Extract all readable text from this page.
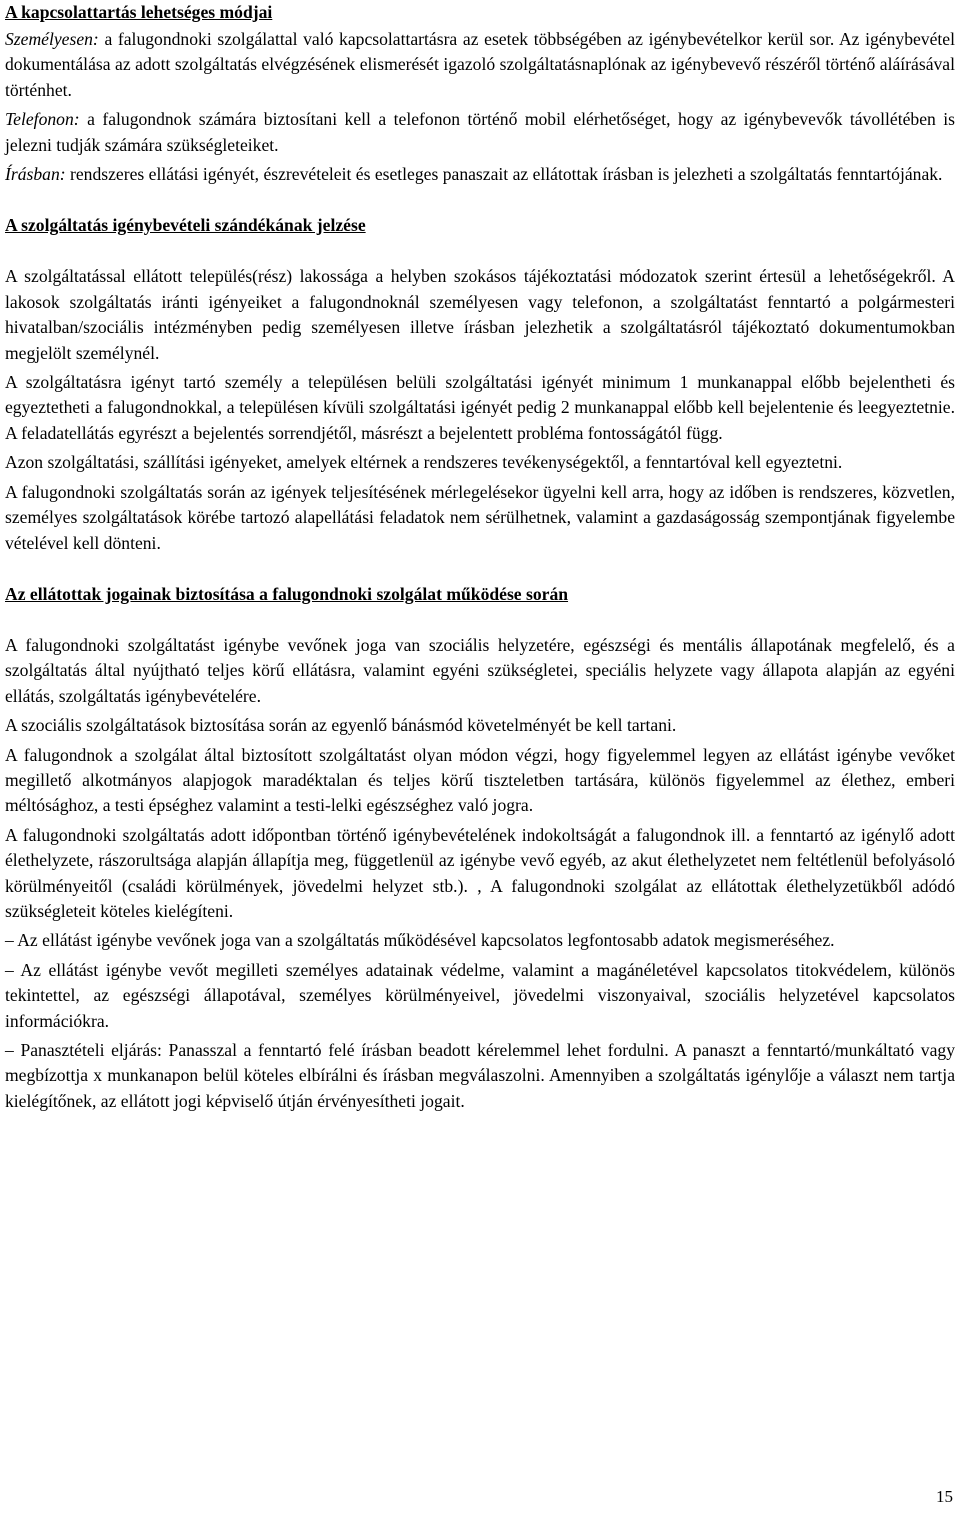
A kapcsolattartás lehetséges módjai

Személyesen: a falugondnoki szolgálattal való kapcsolattartásra az esetek többségében az igénybevételkor kerül sor. Az igénybevétel dokumentálása az adott szolgáltatás elvégzésének elismerését igazoló szolgáltatásnaplónak az igénybevevő részéről történő aláírásával történhet.

Telefonon: a falugondnok számára biztosítani kell a telefonon történő mobil elérhetőséget, hogy az igénybevevők távollétében is jelezni tudják számára szükségleteiket.

Írásban: rendszeres ellátási igényét, észrevételeit és esetleges panaszait az ellátottak írásban is jelezheti a szolgáltatás fenntartójának.

A szolgáltatás igénybevételi szándékának jelzése

A szolgáltatással ellátott település(rész) lakossága a helyben szokásos tájékoztatási módozatok szerint értesül a lehetőségekről. A lakosok szolgáltatás iránti igényeiket a falugondnoknál személyesen vagy telefonon, a szolgáltatást fenntartó a polgármesteri hivatalban/szociális intézményben pedig személyesen illetve írásban jelezhetik a szolgáltatásról tájékoztató dokumentumokban megjelölt személynél.

A szolgáltatásra igényt tartó személy a településen belüli szolgáltatási igényét minimum 1 munkanappal előbb bejelentheti és egyeztetheti a falugondnokkal, a településen kívüli szolgáltatási igényét pedig 2 munkanappal előbb kell bejelentenie és leegyeztetnie. A feladatellátás egyrészt a bejelentés sorrendjétől, másrészt a bejelentett probléma fontosságától függ.

Azon szolgáltatási, szállítási igényeket, amelyek eltérnek a rendszeres tevékenységektől, a fenntartóval kell egyeztetni.

A falugondnoki szolgáltatás során az igények teljesítésének mérlegelésekor ügyelni kell arra, hogy az időben is rendszeres, közvetlen, személyes szolgáltatások körébe tartozó alapellátási feladatok nem sérülhetnek, valamint a gazdaságosság szempontjának figyelembe vételével kell dönteni.

Az ellátottak jogainak biztosítása a falugondnoki szolgálat működése során

A falugondnoki szolgáltatást igénybe vevőnek joga van szociális helyzetére, egészségi és mentális állapotának megfelelő, és a szolgáltatás által nyújtható teljes körű ellátásra, valamint egyéni szükségletei, speciális helyzete vagy állapota alapján az egyéni ellátás, szolgáltatás igénybevételére.

A szociális szolgáltatások biztosítása során az egyenlő bánásmód követelményét be kell tartani.

A falugondnok a szolgálat által biztosított szolgáltatást olyan módon végzi, hogy figyelemmel legyen az ellátást igénybe vevőket megillető alkotmányos alapjogok maradéktalan és teljes körű tiszteletben tartására, különös figyelemmel az élethez, emberi méltósághoz, a testi épséghez valamint a testi-lelki egészséghez való jogra.

A falugondnoki szolgáltatás adott időpontban történő igénybevételének indokoltságát a falugondnok ill. a fenntartó az igénylő adott élethelyzete, rászorultsága alapján állapítja meg, függetlenül az igénybe vevő egyéb, az akut élethelyzetet nem feltétlenül befolyásoló körülményeitől (családi körülmények, jövedelmi helyzet stb.). , A falugondnoki szolgálat az ellátottak élethelyzetükből adódó szükségleteit köteles kielégíteni.

– Az ellátást igénybe vevőnek joga van a szolgáltatás működésével kapcsolatos legfontosabb adatok megismeréséhez.

– Az ellátást igénybe vevőt megilleti személyes adatainak védelme, valamint a magánéletével kapcsolatos titokvédelem, különös tekintettel, az egészségi állapotával, személyes körülményeivel, jövedelmi viszonyaival, szociális helyzetével kapcsolatos információkra.

– Panasztételi eljárás: Panasszal a fenntartó felé írásban beadott kérelemmel lehet fordulni. A panaszt a fenntartó/munkáltató vagy megbízottja x munkanapon belül köteles elbírálni és írásban megválaszolni. Amennyiben a szolgáltatás igénylője a választ nem tartja kielégítőnek, az ellátott jogi képviselő útján érvényesítheti jogait.

15
